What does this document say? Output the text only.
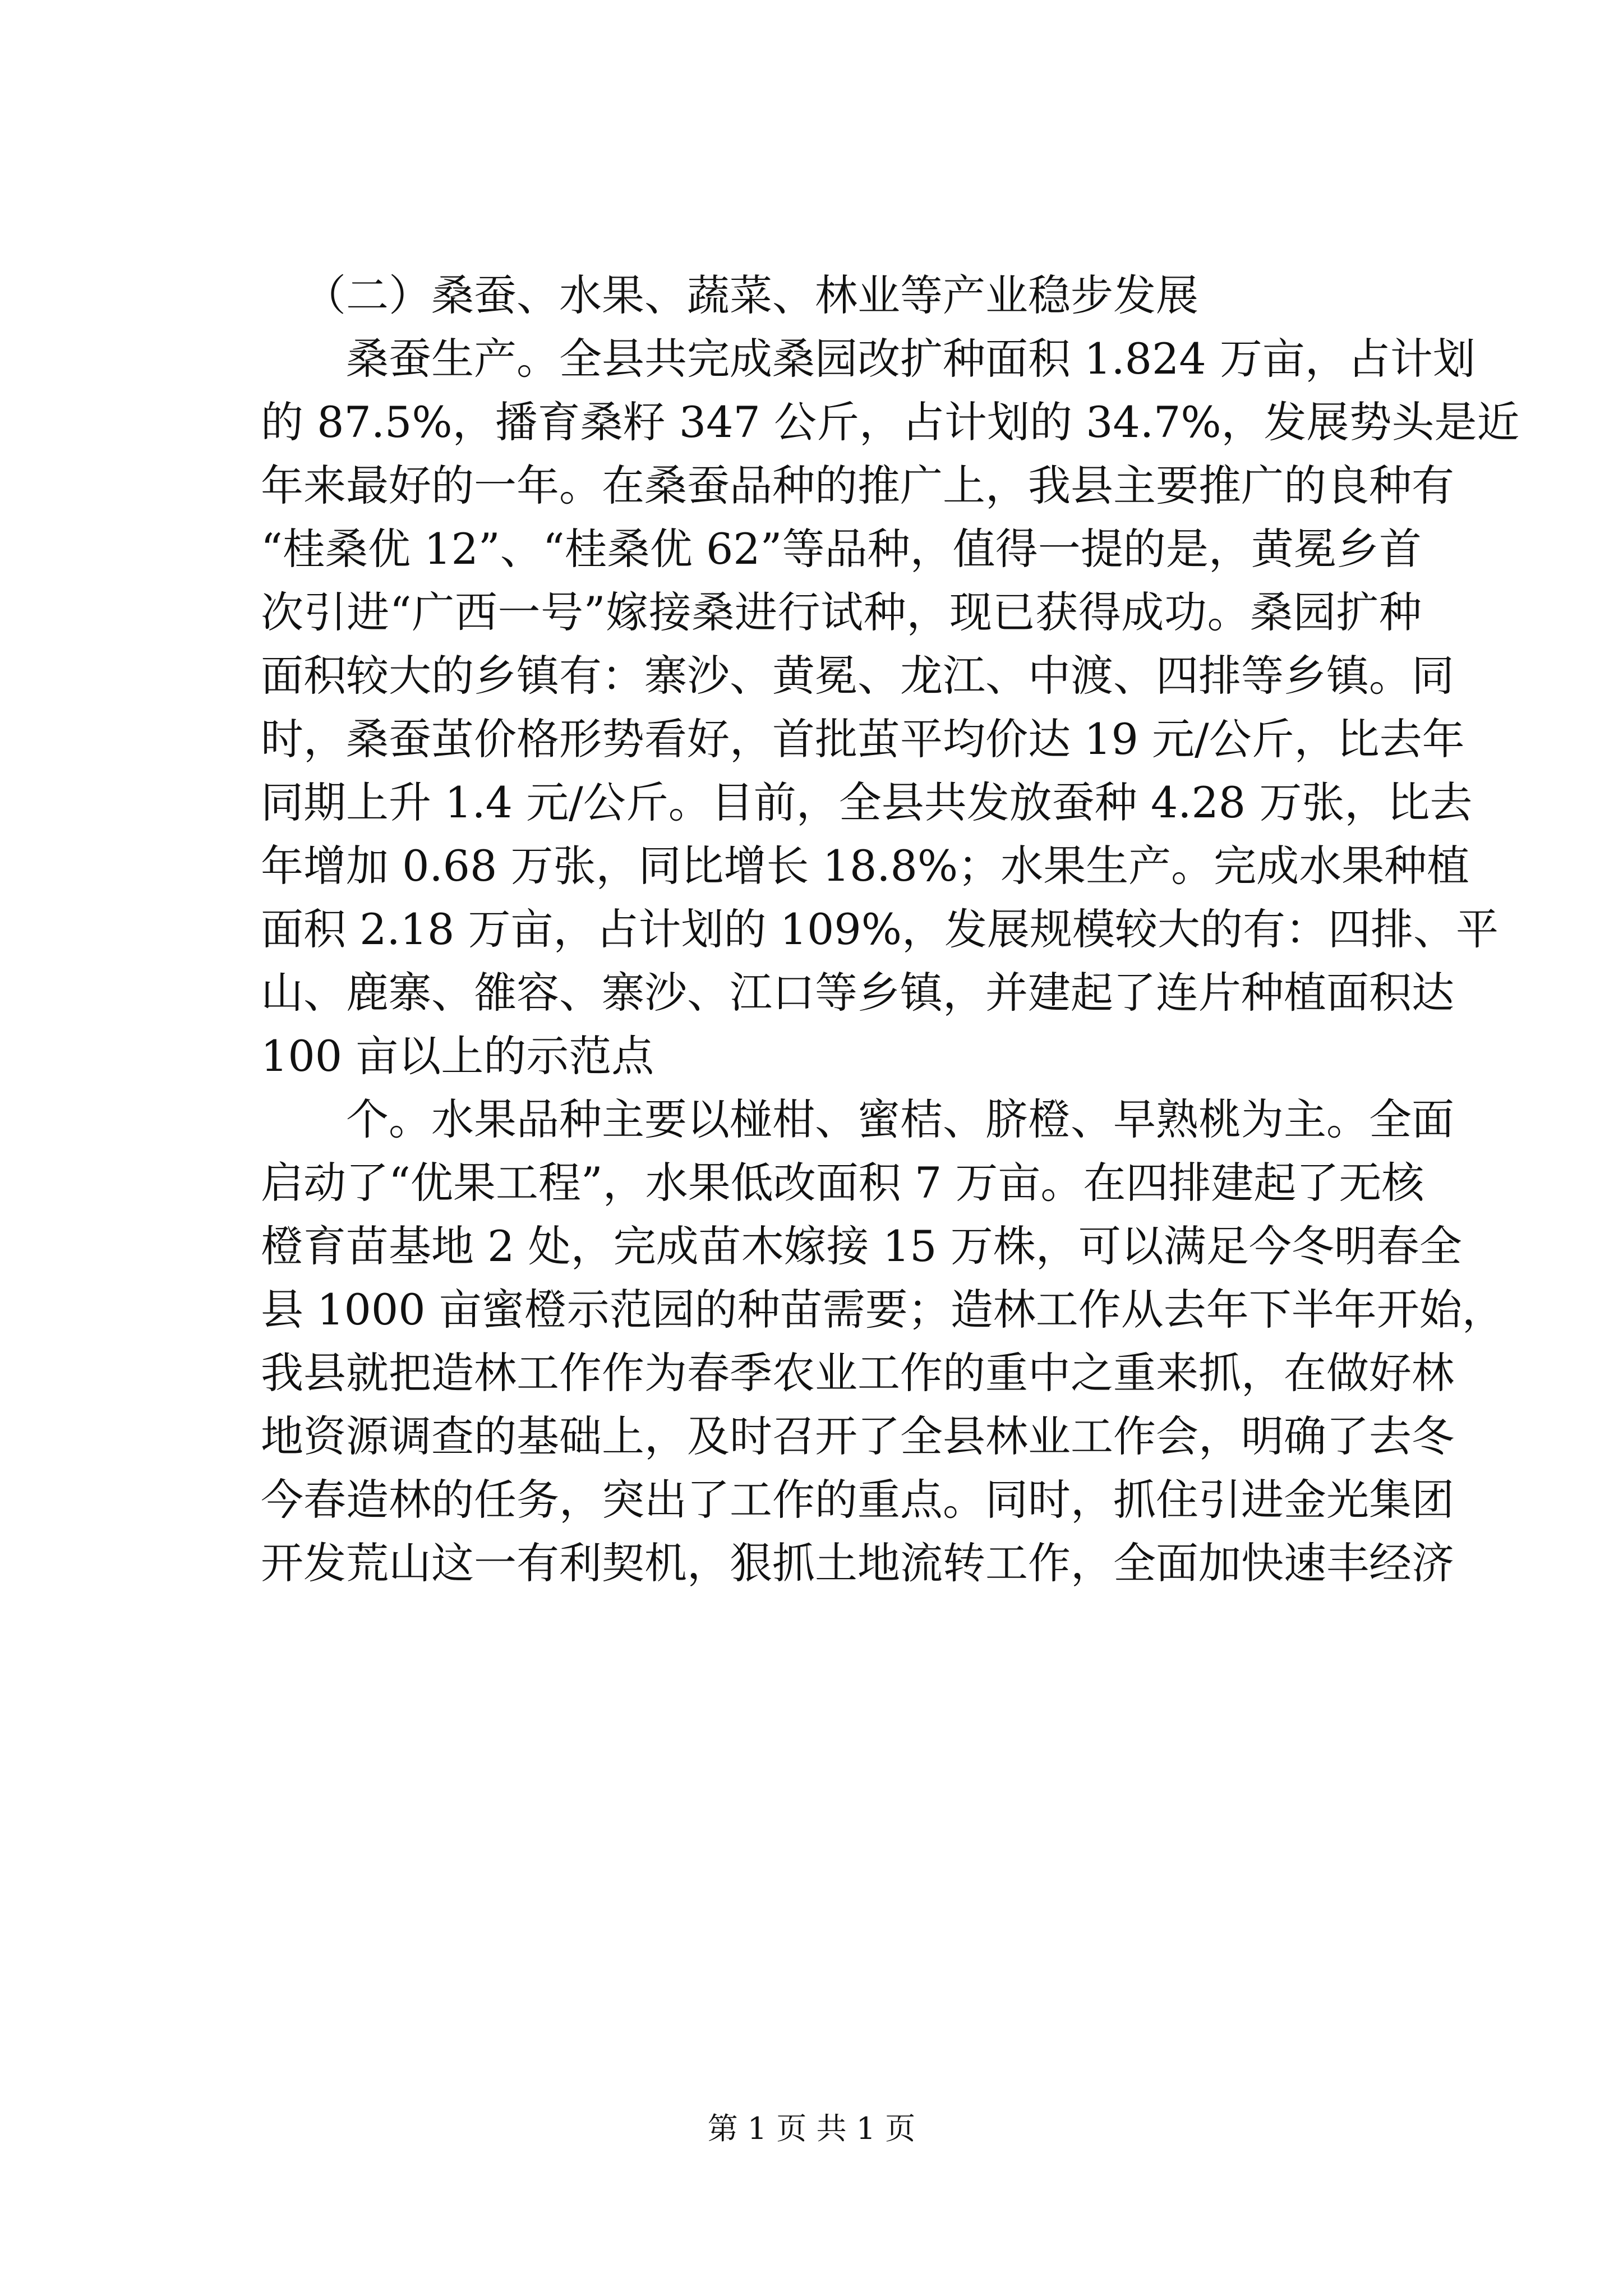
（二）桑蚕、水果、蔬菜、林业等产业稳步发展
桑蚕生产。全县共完成桑园改扩种面积 1.824 万亩，占计划
的 87.5%，播育桑籽 347 公斤，占计划的 34.7%，发展势头是近
年来最好的一年。在桑蚕品种的推广上，我县主要推广的良种有
“桂桑优 12”、“桂桑优 62”等品种，值得一提的是，黄冕乡首
次引进“广西一号”嫁接桑进行试种，现已获得成功。桑园扩种
面积较大的乡镇有：寨沙、黄冕、龙江、中渡、四排等乡镇。同
时，桑蚕茧价格形势看好，首批茧平均价达 19 元/公斤，比去年
同期上升 1.4 元/公斤。目前，全县共发放蚕种 4.28 万张，比去
年增加 0.68 万张，同比增长 18.8%；水果生产。完成水果种植
面积 2.18 万亩，占计划的 109%，发展规模较大的有：四排、平
山、鹿寨、雒容、寨沙、江口等乡镇，并建起了连片种植面积达
100 亩以上的示范点
个。水果品种主要以椪柑、蜜桔、脐橙、早熟桃为主。全面
启动了“优果工程”，水果低改面积 7 万亩。在四排建起了无核
橙育苗基地 2 处，完成苗木嫁接 15 万株，可以满足今冬明春全
县 1000 亩蜜橙示范园的种苗需要；造林工作从去年下半年开始，
我县就把造林工作作为春季农业工作的重中之重来抓，在做好林
地资源调查的基础上，及时召开了全县林业工作会，明确了去冬
今春造林的任务，突出了工作的重点。同时，抓住引进金光集团
开发荒山这一有利契机，狠抓土地流转工作，全面加快速丰经济
第 1 页 共 1 页
